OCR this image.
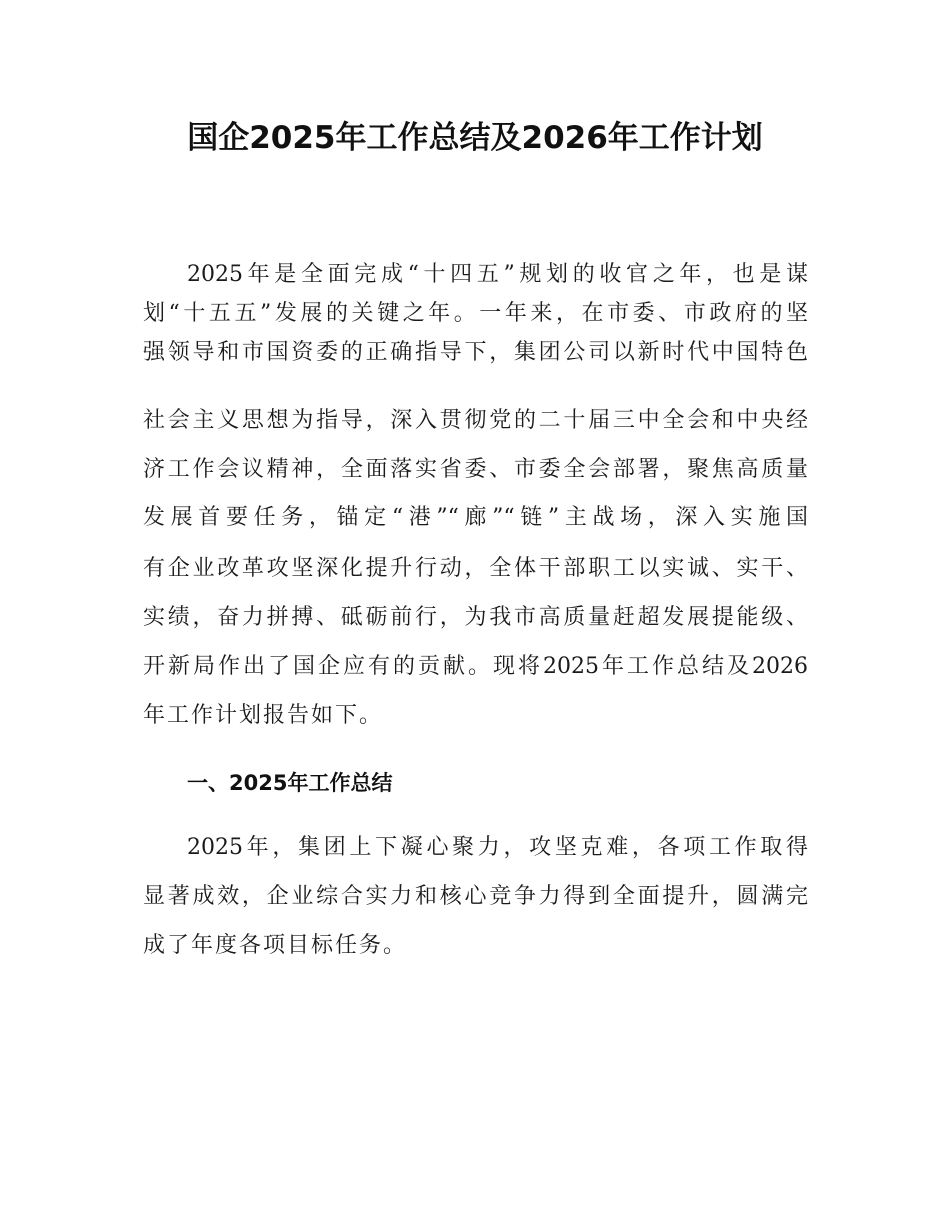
国企2025年工作总结及2026年工作计划
2025年是全面完成“十四五”规划的收官之年，也是谋
划“十五五”发展的关键之年。一年来，在市委、市政府的坚
强领导和市国资委的正确指导下，集团公司以新时代中国特色
社会主义思想为指导，深入贯彻党的二十届三中全会和中央经
济工作会议精神，全面落实省委、市委全会部署，聚焦高质量
发展首要任务，锚定“港”“廊”“链”主战场，深入实施国
有企业改革攻坚深化提升行动，全体干部职工以实诚、实干、
实绩，奋力拼搏、砥砺前行，为我市高质量赶超发展提能级、
开新局作出了国企应有的贡献。现将2025年工作总结及2026
年工作计划报告如下。
一、2025年工作总结
2025年，集团上下凝心聚力，攻坚克难，各项工作取得
显著成效，企业综合实力和核心竞争力得到全面提升，圆满完
成了年度各项目标任务。
